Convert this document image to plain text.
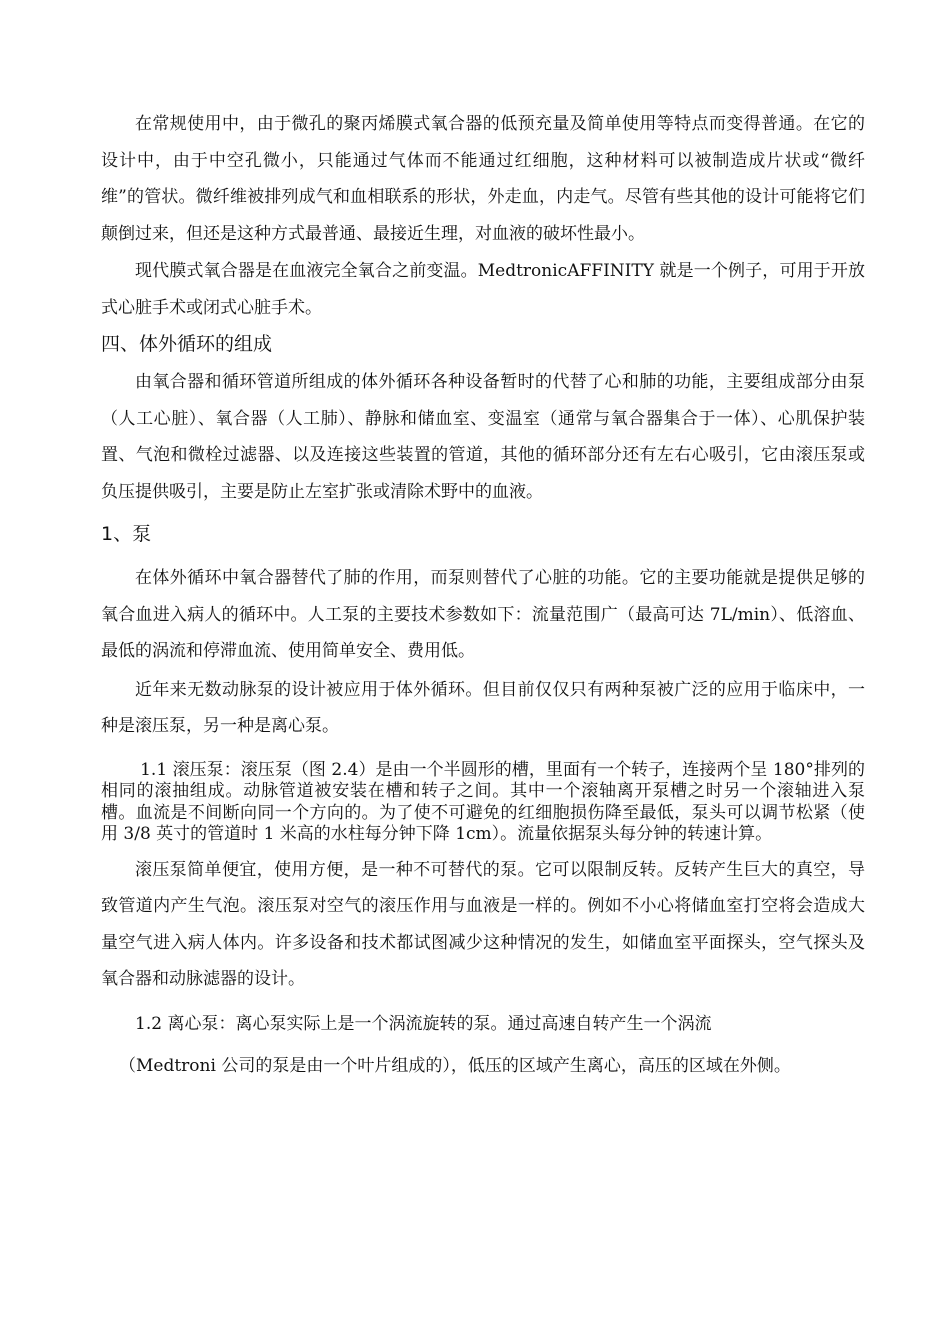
在常规使用中，由于微孔的聚丙烯膜式氧合器的低预充量及简单使用等特点而变得普通。在它的设计中，由于中空孔微小，只能通过气体而不能通过红细胞，这种材料可以被制造成片状或“微纤维”的管状。微纤维被排列成气和血相联系的形状，外走血，内走气。尽管有些其他的设计可能将它们颠倒过来，但还是这种方式最普通、最接近生理，对血液的破坏性最小。

现代膜式氧合器是在血液完全氧合之前变温。MedtronicAFFINITY 就是一个例子，可用于开放式心脏手术或闭式心脏手术。

四、体外循环的组成

由氧合器和循环管道所组成的体外循环各种设备暂时的代替了心和肺的功能，主要组成部分由泵（人工心脏）、氧合器（人工肺）、静脉和储血室、变温室（通常与氧合器集合于一体）、心肌保护装置、气泡和微栓过滤器、以及连接这些装置的管道，其他的循环部分还有左右心吸引，它由滚压泵或负压提供吸引，主要是防止左室扩张或清除术野中的血液。

1、泵

在体外循环中氧合器替代了肺的作用，而泵则替代了心脏的功能。它的主要功能就是提供足够的氧合血进入病人的循环中。人工泵的主要技术参数如下：流量范围广（最高可达 7L/min）、低溶血、最低的涡流和停滞血流、使用简单安全、费用低。

近年来无数动脉泵的设计被应用于体外循环。但目前仅仅只有两种泵被广泛的应用于临床中，一种是滚压泵，另一种是离心泵。

1.1 滚压泵：滚压泵（图 2.4）是由一个半圆形的槽，里面有一个转子，连接两个呈 180°排列的相同的滚抽组成。动脉管道被安装在槽和转子之间。其中一个滚轴离开泵槽之时另一个滚轴进入泵槽。血流是不间断向同一个方向的。为了使不可避免的红细胞损伤降至最低，泵头可以调节松紧（使用 3/8 英寸的管道时 1 米高的水柱每分钟下降 1cm）。流量依据泵头每分钟的转速计算。

滚压泵简单便宜，使用方便，是一种不可替代的泵。它可以限制反转。反转产生巨大的真空，导致管道内产生气泡。滚压泵对空气的滚压作用与血液是一样的。例如不小心将储血室打空将会造成大量空气进入病人体内。许多设备和技术都试图减少这种情况的发生，如储血室平面探头，空气探头及氧合器和动脉滤器的设计。

1.2 离心泵：离心泵实际上是一个涡流旋转的泵。通过高速自转产生一个涡流

（Medtroni 公司的泵是由一个叶片组成的），低压的区域产生离心，高压的区域在外侧。
